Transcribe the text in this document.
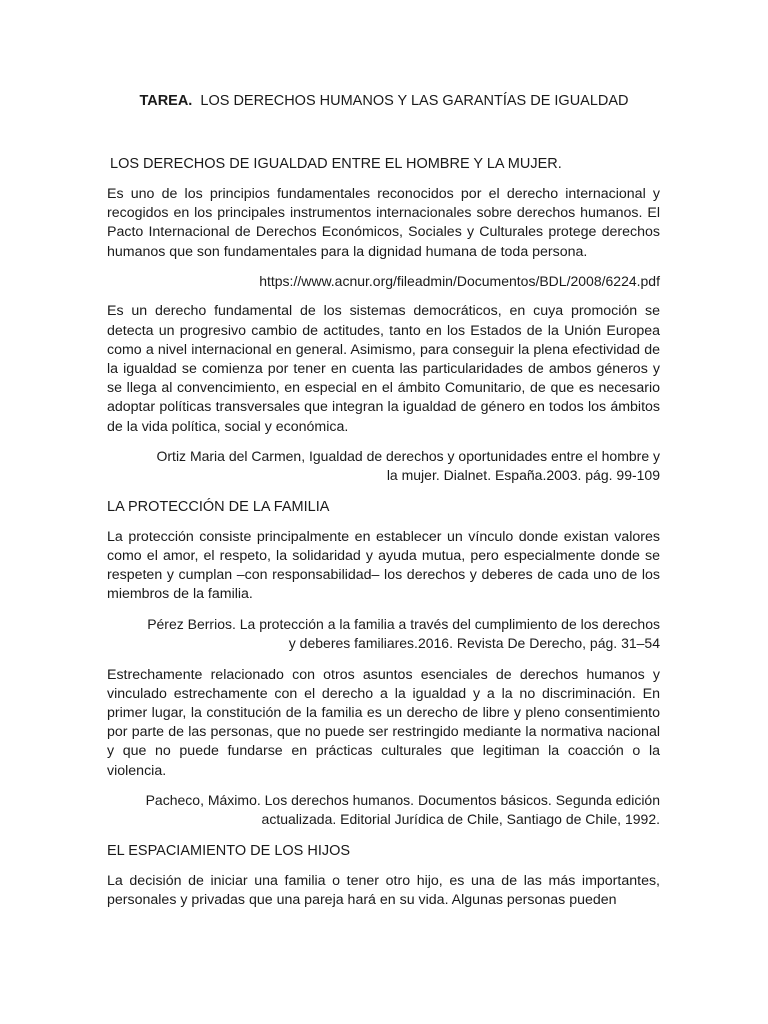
TAREA. LOS DERECHOS HUMANOS Y LAS GARANTÍAS DE IGUALDAD
LOS DERECHOS DE IGUALDAD ENTRE EL HOMBRE Y LA MUJER.

Es uno de los principios fundamentales reconocidos por el derecho internacional y recogidos en los principales instrumentos internacionales sobre derechos humanos. El Pacto Internacional de Derechos Económicos, Sociales y Culturales protege derechos humanos que son fundamentales para la dignidad humana de toda persona.

https://www.acnur.org/fileadmin/Documentos/BDL/2008/6224.pdf

Es un derecho fundamental de los sistemas democráticos, en cuya promoción se detecta un progresivo cambio de actitudes, tanto en los Estados de la Unión Europea como a nivel internacional en general. Asimismo, para conseguir la plena efectividad de la igualdad se comienza por tener en cuenta las particularidades de ambos géneros y se llega al convencimiento, en especial en el ámbito Comunitario, de que es necesario adoptar políticas transversales que integran la igualdad de género en todos los ámbitos de la vida política, social y económica.

Ortiz Maria del Carmen, Igualdad de derechos y oportunidades entre el hombre y
la mujer. Dialnet. España.2003. pág. 99-109
LA PROTECCIÓN DE LA FAMILIA

La protección consiste principalmente en establecer un vínculo donde existan valores como el amor, el respeto, la solidaridad y ayuda mutua, pero especialmente donde se respeten y cumplan –con responsabilidad– los derechos y deberes de cada uno de los miembros de la familia.

Pérez Berrios. La protección a la familia a través del cumplimiento de los derechos
y deberes familiares.2016. Revista De Derecho, pág. 31–54

Estrechamente relacionado con otros asuntos esenciales de derechos humanos y vinculado estrechamente con el derecho a la igualdad y a la no discriminación. En primer lugar, la constitución de la familia es un derecho de libre y pleno consentimiento por parte de las personas, que no puede ser restringido mediante la normativa nacional y que no puede fundarse en prácticas culturales que legitiman la coacción o la violencia.

Pacheco, Máximo. Los derechos humanos. Documentos básicos. Segunda edición
actualizada. Editorial Jurídica de Chile, Santiago de Chile, 1992.
EL ESPACIAMIENTO DE LOS HIJOS

La decisión de iniciar una familia o tener otro hijo, es una de las más importantes, personales y privadas que una pareja hará en su vida. Algunas personas pueden
